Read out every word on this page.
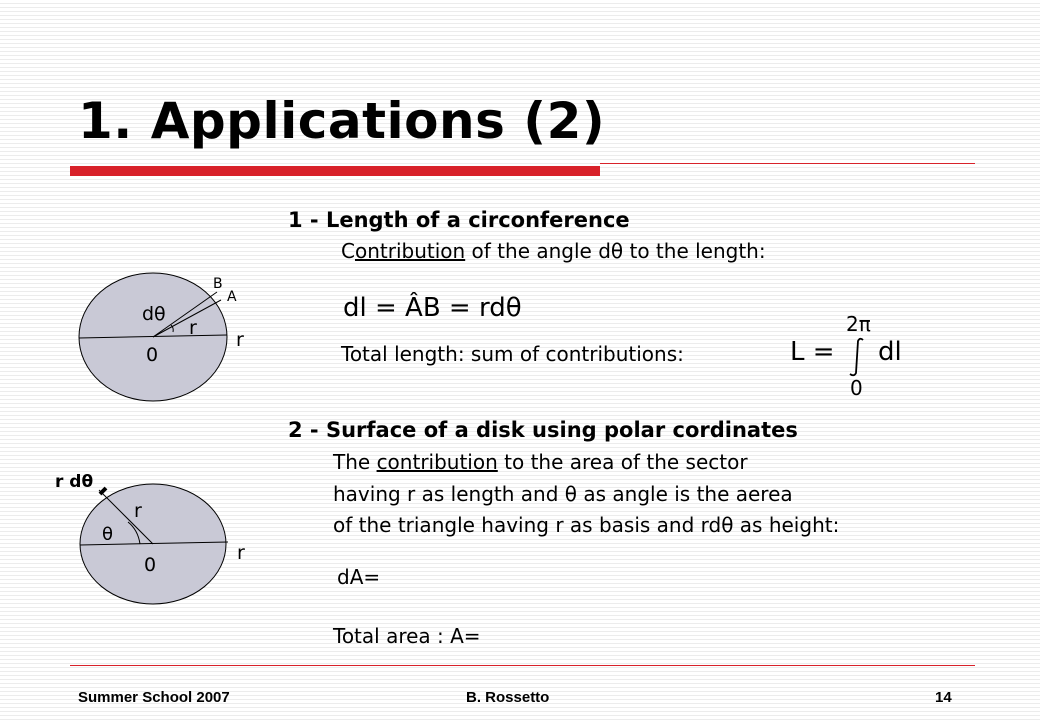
1. Applications (2)
dθ
B
A
r
r
0
1 - Length of a circonference
Contribution of the angle dθ to the length:
dl = ÂB = rdθ
Total length: sum of contributions:	L =
2π
dl
0
r dθ
r
θ
r
0
2 - Surface of a disk using polar cordinates
The contribution to the area of the sector
having r as length and θ as angle is the aerea
of the triangle having r as basis and rdθ as height:
dA=
Total area : A=
Summer School 2007	B. Rossetto	14
